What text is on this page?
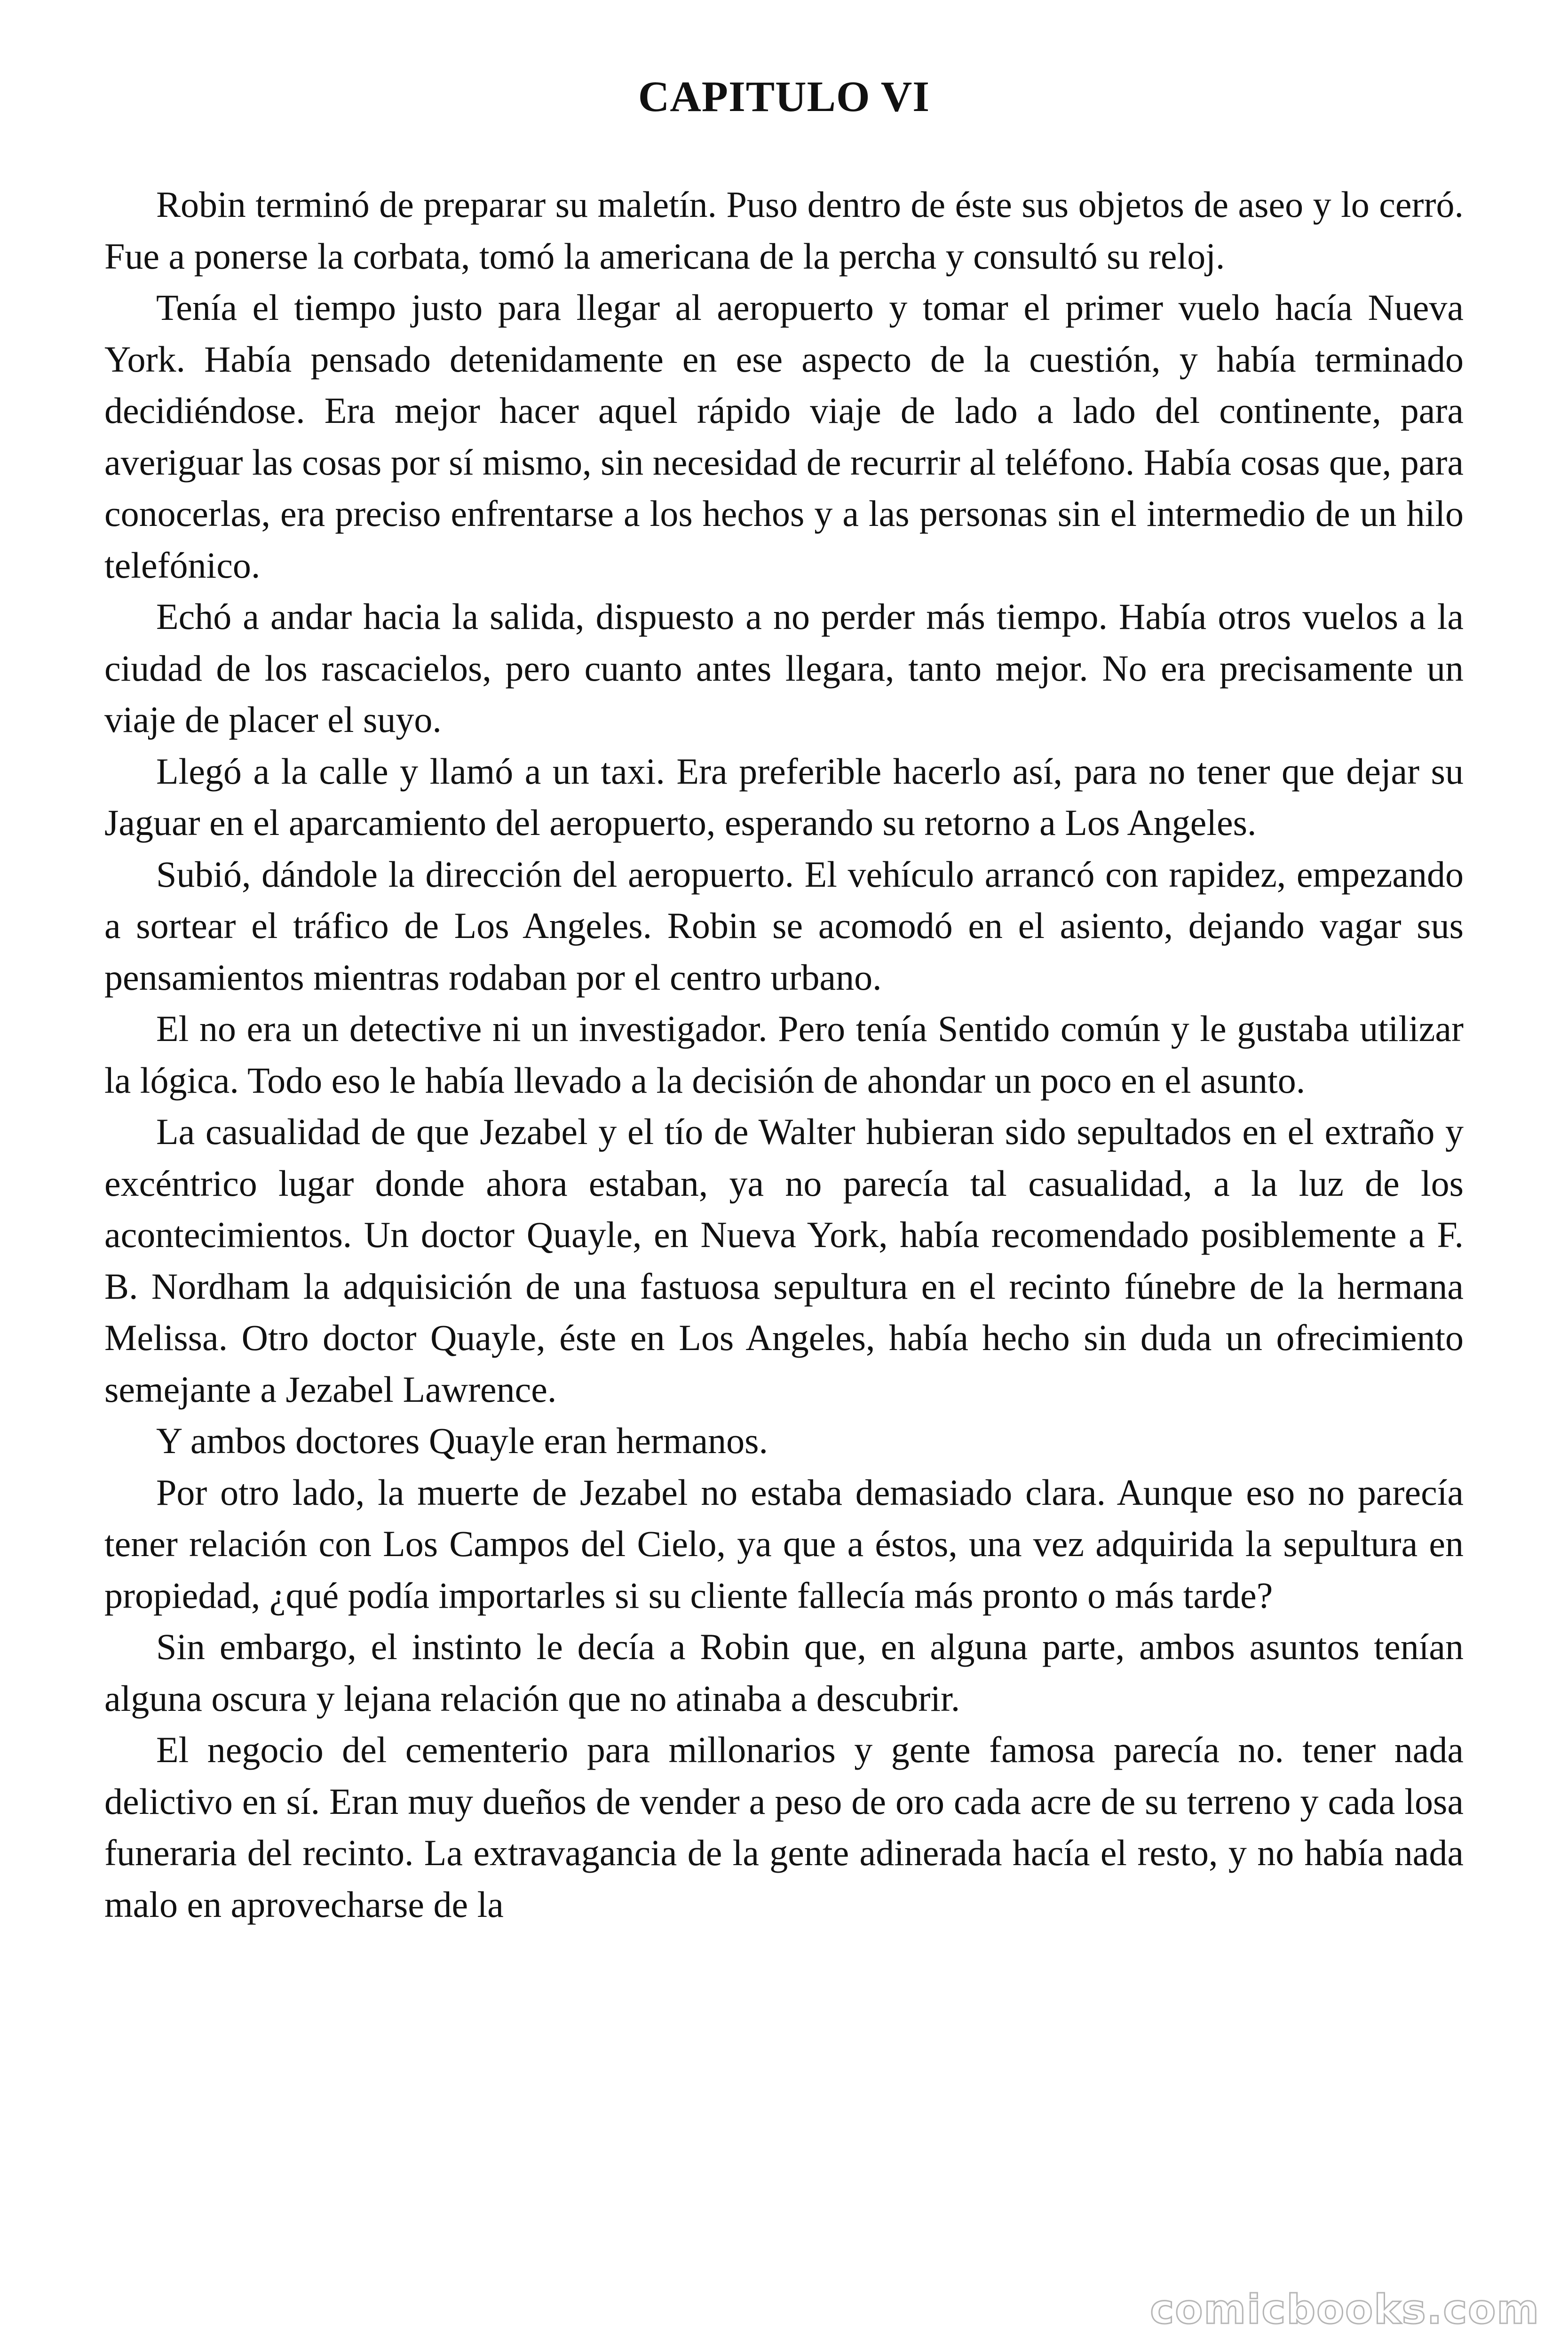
CAPITULO VI

Robin terminó de preparar su maletín. Puso dentro de éste sus objetos de aseo y lo cerró. Fue a ponerse la corbata, tomó la americana de la percha y consultó su reloj.

Tenía el tiempo justo para llegar al aeropuerto y tomar el primer vuelo hacía Nueva York. Había pensado detenidamente en ese aspecto de la cuestión, y había terminado decidiéndose. Era mejor hacer aquel rápido viaje de lado a lado del continente, para averiguar las cosas por sí mismo, sin necesidad de recurrir al teléfono. Había cosas que, para conocerlas, era preciso enfrentarse a los hechos y a las personas sin el intermedio de un hilo telefónico.

Echó a andar hacia la salida, dispuesto a no perder más tiempo. Había otros vuelos a la ciudad de los rascacielos, pero cuanto antes llegara, tanto mejor. No era precisamente un viaje de placer el suyo.

Llegó a la calle y llamó a un taxi. Era preferible hacerlo así, para no tener que dejar su Jaguar en el aparcamiento del aeropuerto, esperando su retorno a Los Angeles.

Subió, dándole la dirección del aeropuerto. El vehículo arrancó con rapidez, empezando a sortear el tráfico de Los Angeles. Robin se acomodó en el asiento, dejando vagar sus pensamientos mientras rodaban por el centro urbano.

El no era un detective ni un investigador. Pero tenía Sentido común y le gustaba utilizar la lógica. Todo eso le había llevado a la decisión de ahondar un poco en el asunto.

La casualidad de que Jezabel y el tío de Walter hubieran sido sepultados en el extraño y excéntrico lugar donde ahora estaban, ya no parecía tal casualidad, a la luz de los acontecimientos. Un doctor Quayle, en Nueva York, había recomendado posiblemente a F. B. Nordham la adquisición de una fastuosa sepultura en el recinto fúnebre de la hermana Melissa. Otro doctor Quayle, éste en Los Angeles, había hecho sin duda un ofrecimiento semejante a Jezabel Lawrence.

Y ambos doctores Quayle eran hermanos.

Por otro lado, la muerte de Jezabel no estaba demasiado clara. Aunque eso no parecía tener relación con Los Campos del Cielo, ya que a éstos, una vez adquirida la sepultura en propiedad, ¿qué podía importarles si su cliente fallecía más pronto o más tarde?

Sin embargo, el instinto le decía a Robin que, en alguna parte, ambos asuntos tenían alguna oscura y lejana relación que no atinaba a descubrir.

El negocio del cementerio para millonarios y gente famosa parecía no. tener nada delictivo en sí. Eran muy dueños de vender a peso de oro cada acre de su terreno y cada losa funeraria del recinto. La extravagancia de la gente adinerada hacía el resto, y no había nada malo en aprovecharse de la

comicbooks.com
